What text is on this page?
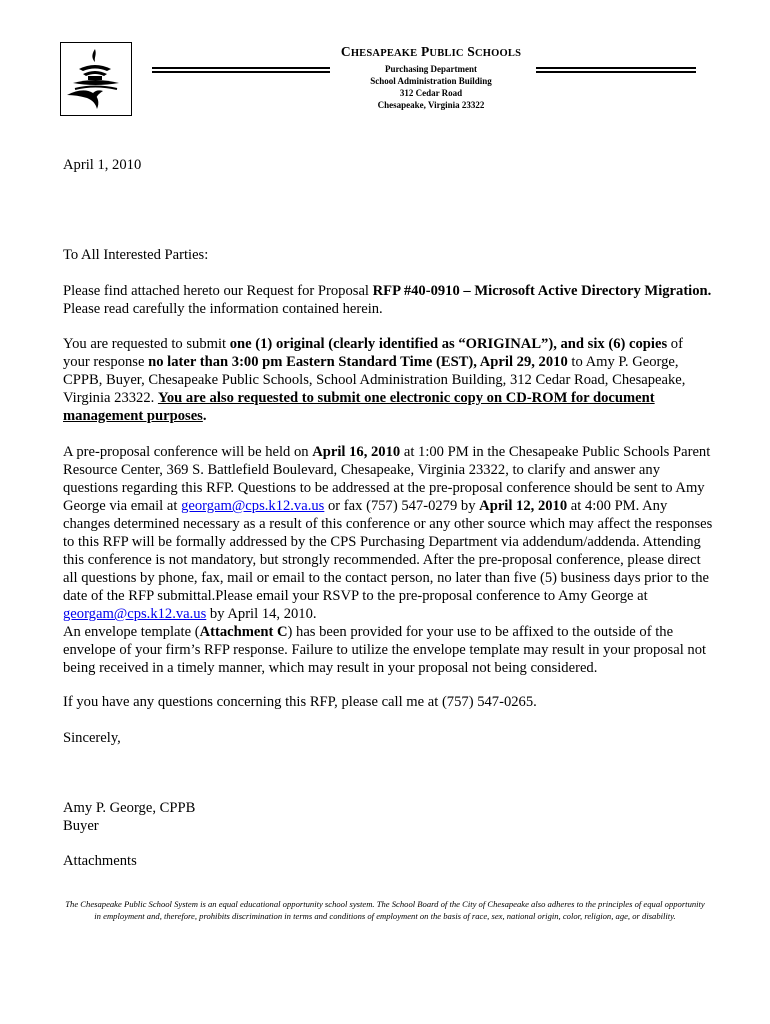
CHESAPEAKE PUBLIC SCHOOLS
Purchasing Department
School Administration Building
312 Cedar Road
Chesapeake, Virginia 23322
April 1, 2010
To All Interested Parties:

Please find attached hereto our Request for Proposal RFP #40-0910 – Microsoft Active Directory Migration. Please read carefully the information contained herein.

You are requested to submit one (1) original (clearly identified as “ORIGINAL”), and six (6) copies of your response no later than 3:00 pm Eastern Standard Time (EST), April 29, 2010 to Amy P. George, CPPB, Buyer, Chesapeake Public Schools, School Administration Building, 312 Cedar Road, Chesapeake, Virginia 23322. You are also requested to submit one electronic copy on CD-ROM for document management purposes.

A pre-proposal conference will be held on April 16, 2010 at 1:00 PM in the Chesapeake Public Schools Parent Resource Center, 369 S. Battlefield Boulevard, Chesapeake, Virginia 23322, to clarify and answer any questions regarding this RFP. Questions to be addressed at the pre-proposal conference should be sent to Amy George via email at georgam@cps.k12.va.us or fax (757) 547-0279 by April 12, 2010 at 4:00 PM. Any changes determined necessary as a result of this conference or any other source which may affect the responses to this RFP will be formally addressed by the CPS Purchasing Department via addendum/addenda. Attending this conference is not mandatory, but strongly recommended. After the pre-proposal conference, please direct all questions by phone, fax, mail or email to the contact person, no later than five (5) business days prior to the date of the RFP submittal.Please email your RSVP to the pre-proposal conference to Amy George at georgam@cps.k12.va.us by April 14, 2010.

An envelope template (Attachment C) has been provided for your use to be affixed to the outside of the envelope of your firm’s RFP response. Failure to utilize the envelope template may result in your proposal not being received in a timely manner, which may result in your proposal not being considered.

If you have any questions concerning this RFP, please call me at (757) 547-0265.
Sincerely,
Amy P. George, CPPB
Buyer
Attachments
The Chesapeake Public School System is an equal educational opportunity school system. The School Board of the City of Chesapeake also adheres to the principles of equal opportunity in employment and, therefore, prohibits discrimination in terms and conditions of employment on the basis of race, sex, national origin, color, religion, age, or disability.
